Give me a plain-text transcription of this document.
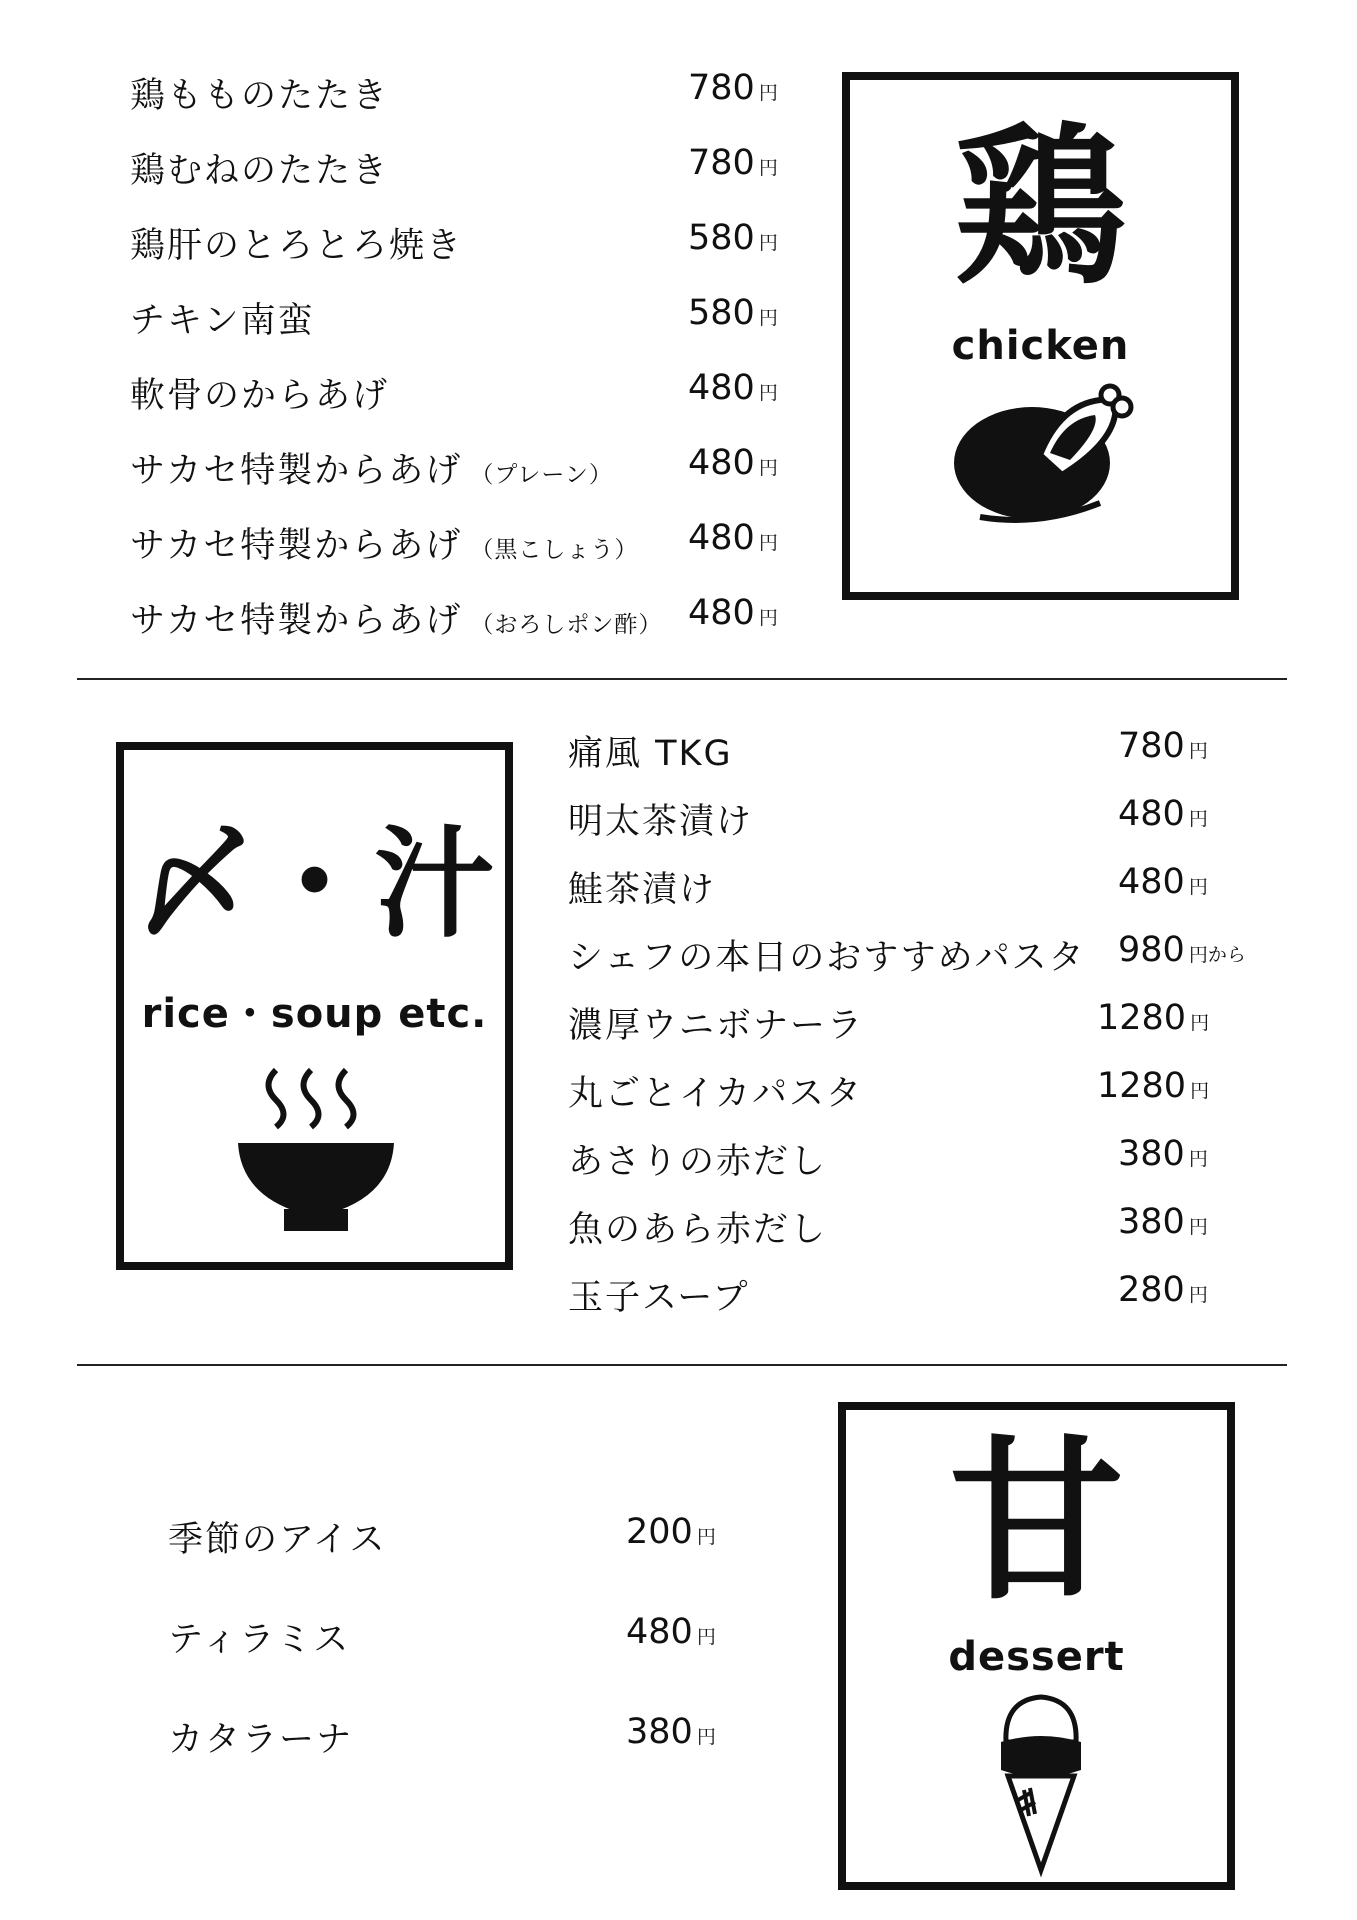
鶏もものたたき	780 円
鶏むねのたたき	780 円
鶏肝のとろとろ焼き	580 円
チキン南蛮	580 円
軟骨のからあげ	480 円
サカセ特製からあげ （プレーン） 480 円
サカセ特製からあげ （黒こしょう） 480 円
サカセ特製からあげ （おろしポン酢） 480 円
鶏
chicken
〆・汁
rice・soup etc.
痛風 TKG	780 円
明太茶漬け	480 円
鮭茶漬け	480 円
シェフの本日のおすすめパスタ 980 円から
濃厚ウニボナーラ	1280 円
丸ごとイカパスタ	1280 円
あさりの赤だし	380 円
魚のあら赤だし	380 円
玉子スープ	280 円
季節のアイス	200 円
ティラミス	480 円
カタラーナ	380 円
甘
dessert
